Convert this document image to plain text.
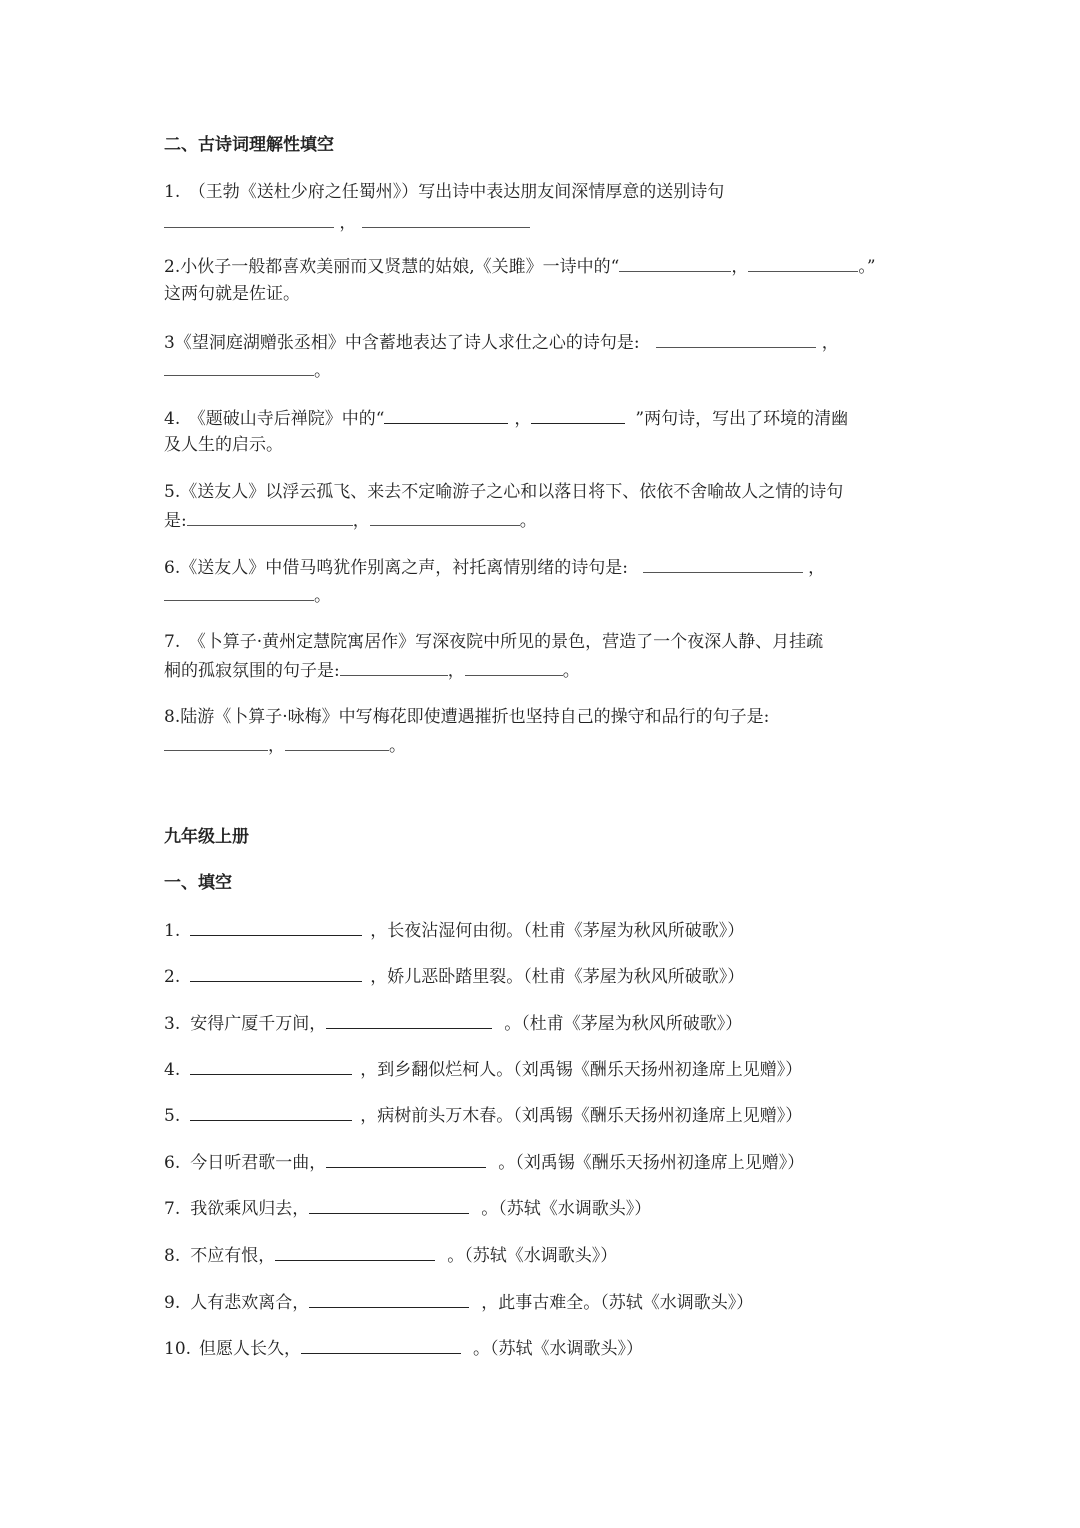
二、古诗词理解性填空
1.　（王勃《送杜少府之任蜀州》）写出诗中表达朋友间深情厚意的送别诗句
，
2.小伙子一般都喜欢美丽而又贤慧的姑娘,《关雎》一诗中的“	，	。”
这两句就是佐证。
3《望洞庭湖赠张丞相》中含蓄地表达了诗人求仕之心的诗句是:	，
。
4.　《题破山寺后禅院》中的“	，	”两句诗，写出了环境的清幽
及人生的启示。
5.《送友人》以浮云孤飞、来去不定喻游子之心和以落日将下、依依不舍喻故人之情的诗句
是:	，	。
6.《送友人》中借马鸣犹作别离之声，衬托离情别绪的诗句是:	，
。
7.　《卜算子·黄州定慧院寓居作》写深夜院中所见的景色，营造了一个夜深人静、月挂疏
桐的孤寂氛围的句子是:	，	。
8.陆游《卜算子·咏梅》中写梅花即使遭遇摧折也坚持自己的操守和品行的句子是:
，	。
九年级上册
一、填空
1.	，长夜沾湿何由彻。（杜甫《茅屋为秋风所破歌》）
2.	，娇儿恶卧踏里裂。（杜甫《茅屋为秋风所破歌》）
3. 安得广厦千万间，	。（杜甫《茅屋为秋风所破歌》）
4.	，到乡翻似烂柯人。（刘禹锡《酬乐天扬州初逢席上见赠》）
5.	，病树前头万木春。（刘禹锡《酬乐天扬州初逢席上见赠》）
6. 今日听君歌一曲，	。（刘禹锡《酬乐天扬州初逢席上见赠》）
7. 我欲乘风归去，	。（苏轼《水调歌头》）
8. 不应有恨，	。（苏轼《水调歌头》）
9. 人有悲欢离合，	，此事古难全。（苏轼《水调歌头》）
10. 但愿人长久，	。（苏轼《水调歌头》）
